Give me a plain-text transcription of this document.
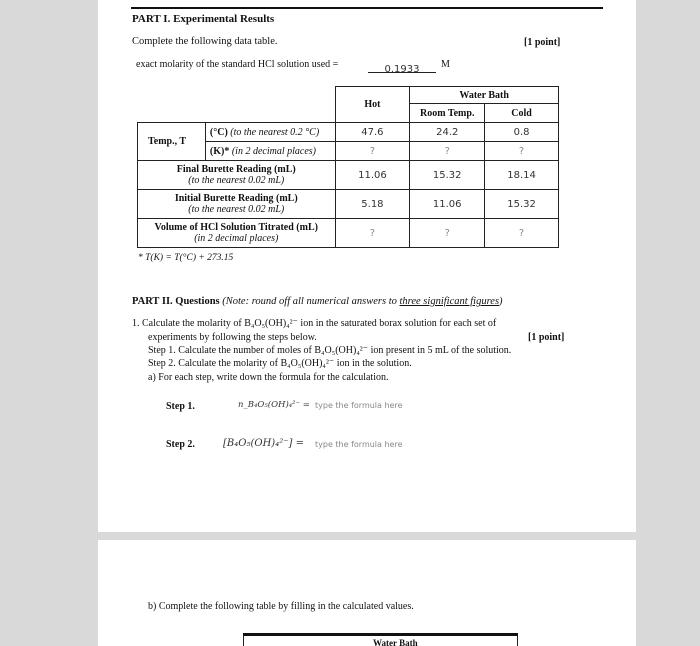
PART I. Experimental Results
Complete the following data table.	[1 point]
exact molarity of the standard HCl solution used =	0.1933	M
		Hot	Water Bath	
			Room Temp.	Cold
Temp., T	(°C) (to the nearest 0.2 °C)	47.6	24.2	0.8
	(K)* (in 2 decimal places)	?	?	?
Final Burette Reading (mL)
(to the nearest 0.02 mL)		11.06	15.32	18.14
Initial Burette Reading (mL)
(to the nearest 0.02 mL)		5.18	11.06	15.32
Volume of HCl Solution Titrated (mL)
(in 2 decimal places)		?	?	?
* T(K) = T(°C) + 273.15
PART II. Questions (Note: round off all numerical answers to three significant figures)
1. Calculate the molarity of B₄O₅(OH)₄²⁻ ion in the saturated borax solution for each set of
experiments by following the steps below.	[1 point]
Step 1. Calculate the number of moles of B₄O₅(OH)₄²⁻ ion present in 5 mL of the solution.
Step 2. Calculate the molarity of B₄O₅(OH)₄²⁻ ion in the solution.
a) For each step, write down the formula for the calculation.
Step 1.	n_B₄O₅(OH)₄²⁻ = type the formula here
Step 2.	[B₄O₅(OH)₄²⁻] = type the formula here
b) Complete the following table by filling in the calculated values.
Water Bath
